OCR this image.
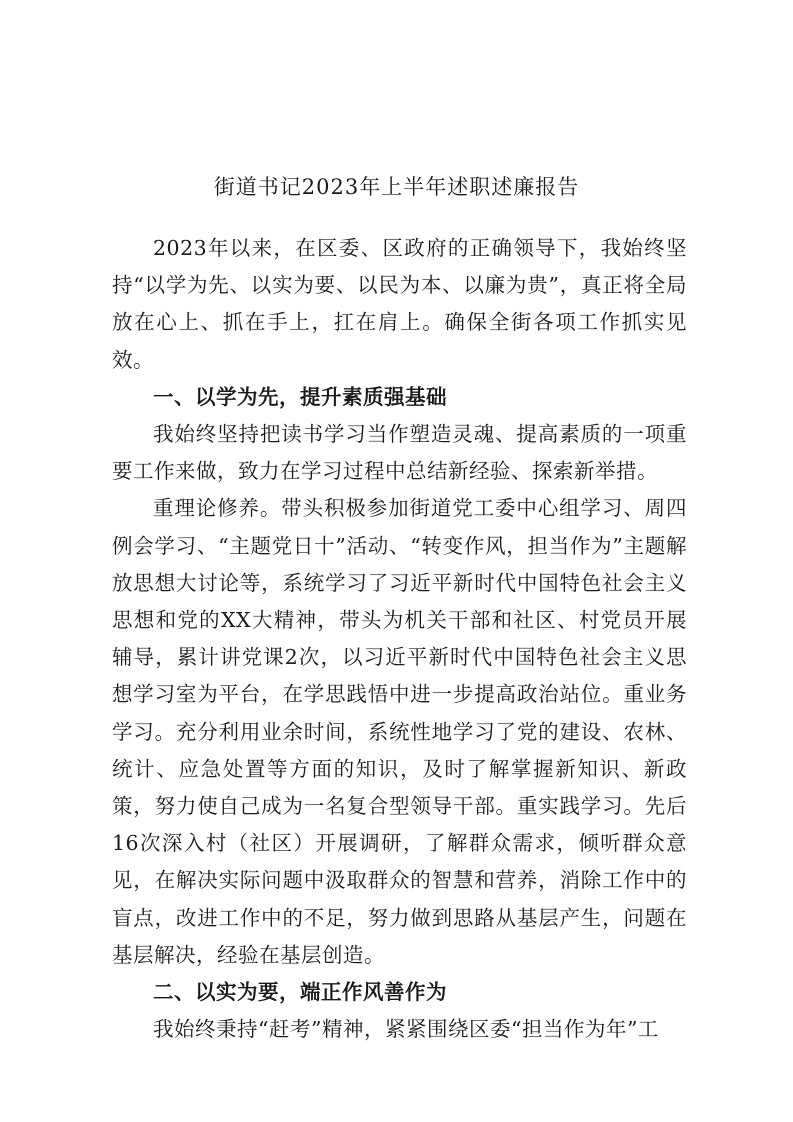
街道书记2023年上半年述职述廉报告

2023年以来，在区委、区政府的正确领导下，我始终坚持“以学为先、以实为要、以民为本、以廉为贵”，真正将全局放在心上、抓在手上，扛在肩上。确保全街各项工作抓实见效。

一、以学为先，提升素质强基础

我始终坚持把读书学习当作塑造灵魂、提高素质的一项重要工作来做，致力在学习过程中总结新经验、探索新举措。

重理论修养。带头积极参加街道党工委中心组学习、周四例会学习、“主题党日十”活动、“转变作风，担当作为”主题解放思想大讨论等，系统学习了习近平新时代中国特色社会主义思想和党的XX大精神，带头为机关干部和社区、村党员开展辅导，累计讲党课2次，以习近平新时代中国特色社会主义思想学习室为平台，在学思践悟中进一步提高政治站位。重业务学习。充分利用业余时间，系统性地学习了党的建设、农林、统计、应急处置等方面的知识，及时了解掌握新知识、新政策，努力使自己成为一名复合型领导干部。重实践学习。先后16次深入村（社区）开展调研，了解群众需求，倾听群众意见，在解决实际问题中汲取群众的智慧和营养，消除工作中的盲点，改进工作中的不足，努力做到思路从基层产生，问题在基层解决，经验在基层创造。

二、以实为要，端正作风善作为

我始终秉持“赶考”精神，紧紧围绕区委“担当作为年”工
